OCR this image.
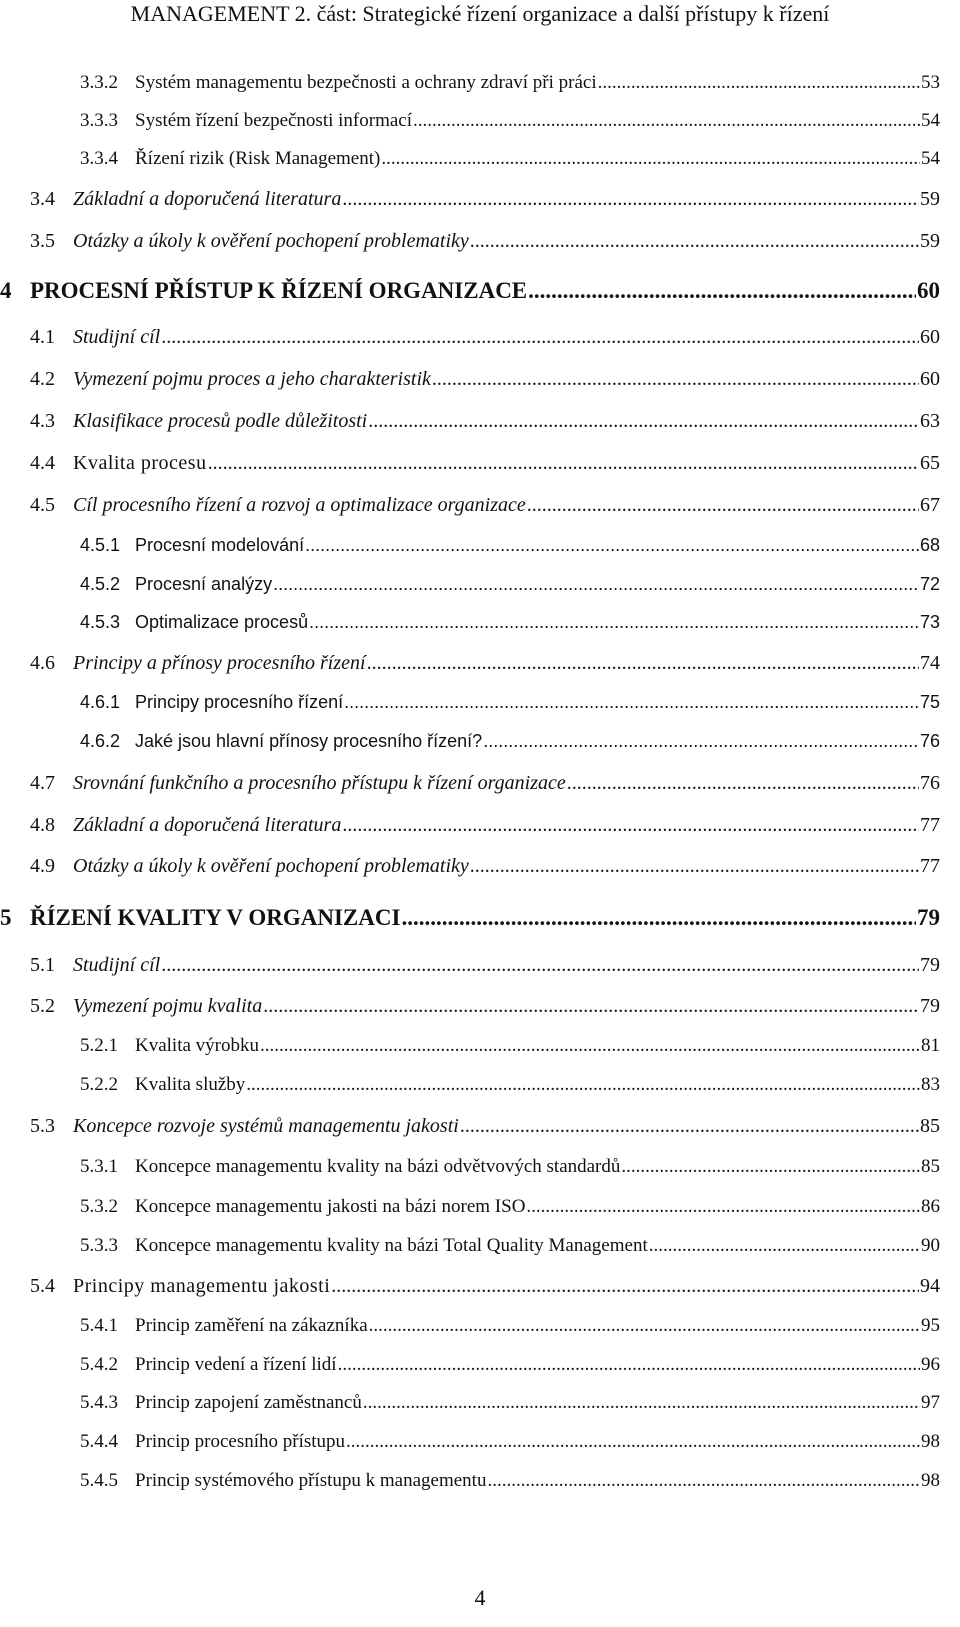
MANAGEMENT 2. část: Strategické řízení organizace a další přístupy k řízení
3.3.2 Systém managementu bezpečnosti a ochrany zdraví při práci .....	53
3.3.3 Systém řízení bezpečnosti informací .....	54
3.3.4 Řízení rizik (Risk Management) .....	54
3.4 Základní a doporučená literatura .....	59
3.5 Otázky a úkoly k ověření pochopení problematiky .....	59
4 PROCESNÍ PŘÍSTUP K ŘÍZENÍ ORGANIZACE .....	60
4.1 Studijní cíl .....	60
4.2 Vymezení pojmu proces a jeho charakteristik .....	60
4.3 Klasifikace procesů podle důležitosti .....	63
4.4 Kvalita procesu .....	65
4.5 Cíl procesního řízení a rozvoj a optimalizace organizace .....	67
4.5.1 Procesní modelování .....	68
4.5.2 Procesní analýzy .....	72
4.5.3 Optimalizace procesů .....	73
4.6 Principy a přínosy procesního řízení .....	74
4.6.1 Principy procesního řízení .....	75
4.6.2 Jaké jsou hlavní přínosy procesního řízení? .....	76
4.7 Srovnání funkčního a procesního přístupu k řízení organizace .....	76
4.8 Základní a doporučená literatura .....	77
4.9 Otázky a úkoly k ověření pochopení problematiky .....	77
5 ŘÍZENÍ KVALITY V ORGANIZACI .....	79
5.1 Studijní cíl .....	79
5.2 Vymezení pojmu kvalita .....	79
5.2.1 Kvalita výrobku .....	81
5.2.2 Kvalita služby .....	83
5.3 Koncepce rozvoje systémů managementu jakosti .....	85
5.3.1 Koncepce managementu kvality na bázi odvětvových standardů .....	85
5.3.2 Koncepce managementu jakosti na bázi norem ISO .....	86
5.3.3 Koncepce managementu kvality na bázi Total Quality Management .....	90
5.4 Principy managementu jakosti .....	94
5.4.1 Princip zaměření na zákazníka .....	95
5.4.2 Princip vedení a řízení lidí .....	96
5.4.3 Princip zapojení zaměstnanců .....	97
5.4.4 Princip procesního přístupu .....	98
5.4.5 Princip systémového přístupu k managementu .....	98
4
